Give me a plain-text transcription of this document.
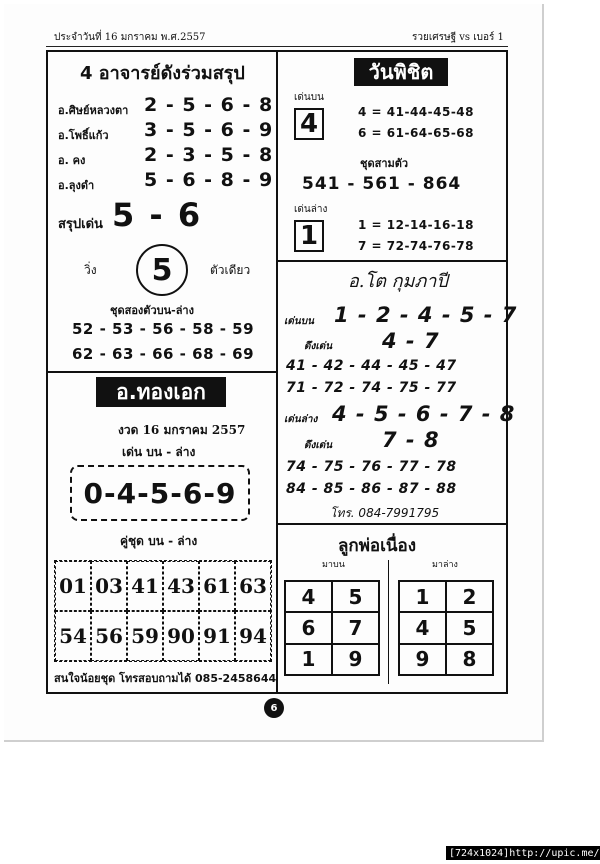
ประจำวันที่ 16 มกราคม พ.ศ.2557	รวยเศรษฐี vs เบอร์ 1
4 อาจารย์ดังร่วมสรุป
อ.ศิษย์หลวงตา 2 - 5 - 6 - 8
อ.โพธิ์แก้ว 3 - 5 - 6 - 9
อ. คง	2 - 3 - 5 - 8
อ.ลุงดำ	5 - 6 - 8 - 9
สรุปเด่น 5 - 6
วิ่ง	5	ตัวเดียว
ชุดสองตัวบน-ล่าง
52 - 53 - 56 - 58 - 59
62 - 63 - 66 - 68 - 69
วันพิชิต
เด่นบน
4	4 = 41-44-45-48
6 = 61-64-65-68
ชุดสามตัว
541 - 561 - 864
เด่นล่าง
1	1 = 12-14-16-18
7 = 72-74-76-78
อ.โต กุมภาปี
เด่นบน 1 - 2 - 4 - 5 - 7
ดึงเด่น 4 - 7
41 - 42 - 44 - 45 - 47
71 - 72 - 74 - 75 - 77
เด่นล่าง 4 - 5 - 6 - 7 - 8
ดึงเด่น 7 - 8
74 - 75 - 76 - 77 - 78
84 - 85 - 86 - 87 - 88
โทร. 084-7991795
อ.ทองเอก
งวด 16 มกราคม 2557
เด่น บน - ล่าง
0-4-5-6-9
คู่ชุด บน - ล่าง
01 03 41 43 61 63
54 56 59 90 91 94
สนใจน้อยชุด โทรสอบถามได้ 085-2458644
ลูกพ่อเนื่อง
มาบน	มาล่าง
4	5
6	7
1	9
1	2
4	5
9	8
6
[724x1024]http://upic.me/
